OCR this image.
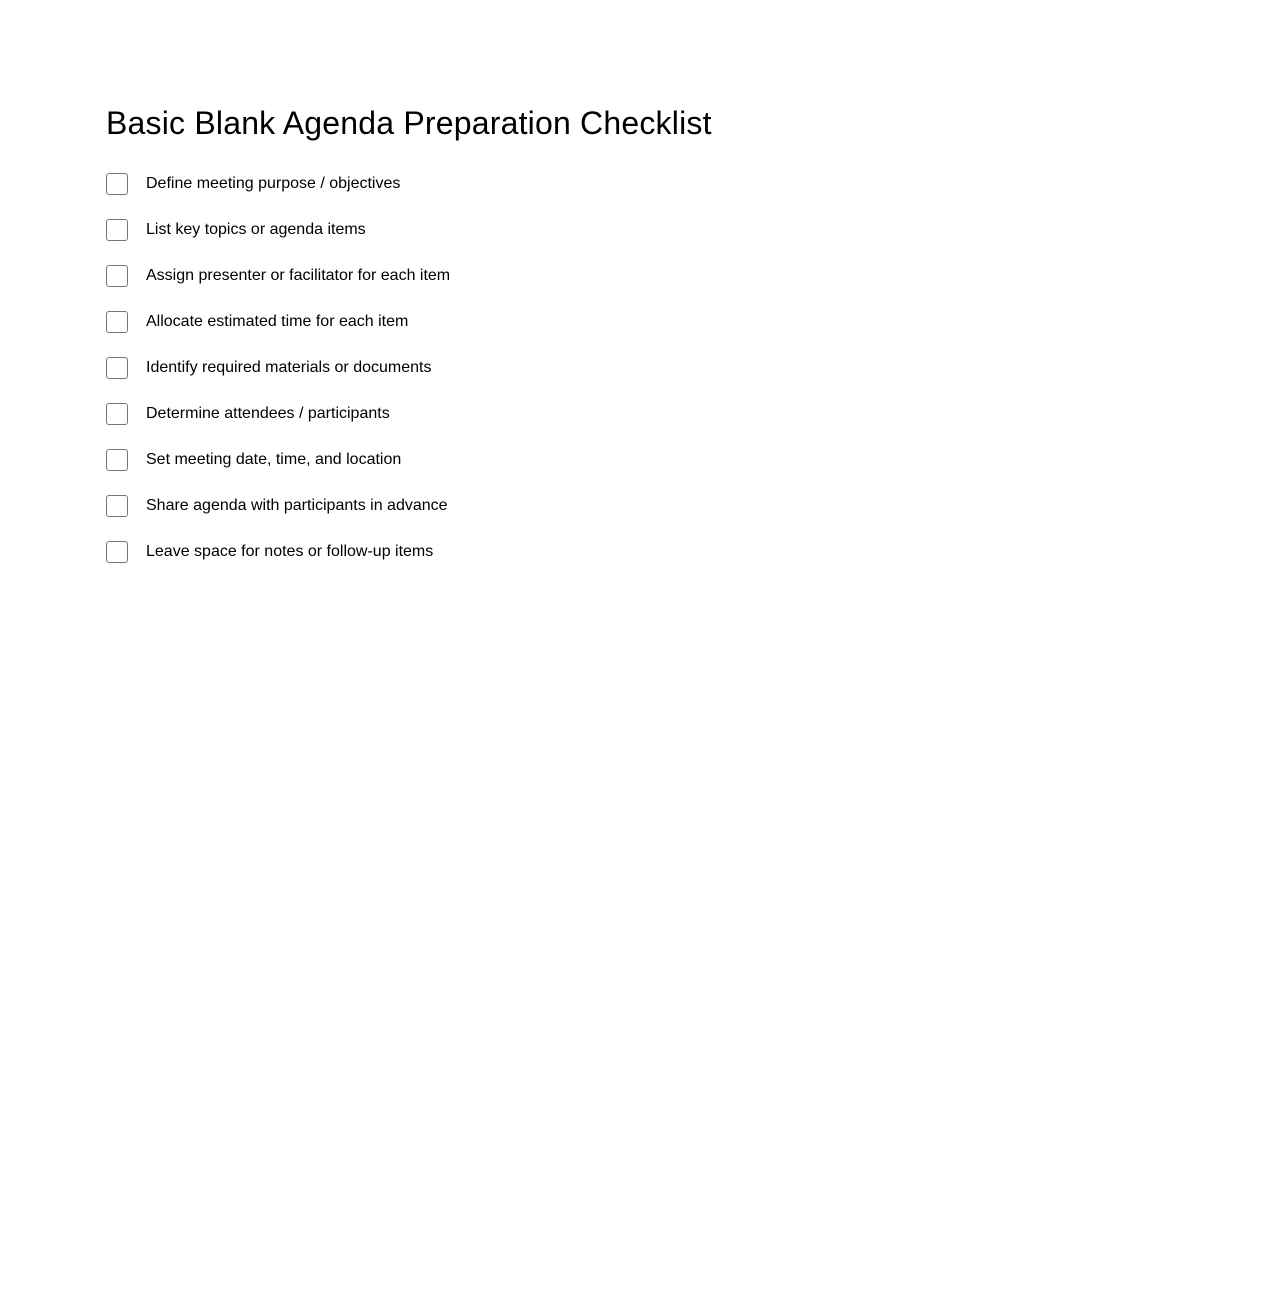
Basic Blank Agenda Preparation Checklist
Define meeting purpose / objectives
List key topics or agenda items
Assign presenter or facilitator for each item
Allocate estimated time for each item
Identify required materials or documents
Determine attendees / participants
Set meeting date, time, and location
Share agenda with participants in advance
Leave space for notes or follow-up items
